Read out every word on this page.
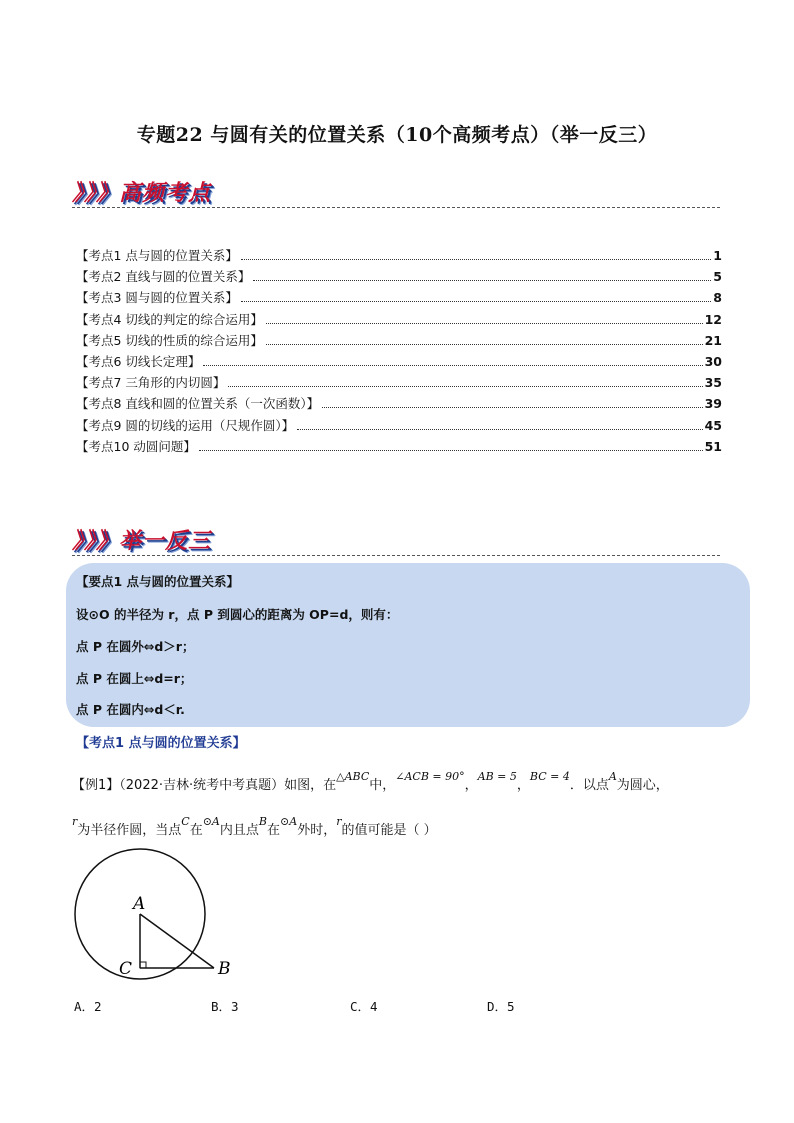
专题22 与圆有关的位置关系（10个高频考点）（举一反三）
》》》高频考点
【考点1 点与圆的位置关系】	1
【考点2 直线与圆的位置关系】	5
【考点3 圆与圆的位置关系】	8
【考点4 切线的判定的综合运用】	12
【考点5 切线的性质的综合运用】	21
【考点6 切线长定理】	30
【考点7 三角形的内切圆】	35
【考点8 直线和圆的位置关系（一次函数）】	39
【考点9 圆的切线的运用（尺规作圆）】	45
【考点10 动圆问题】	51
》》》举一反三
【要点1 点与圆的位置关系】
设⊙O 的半径为 r，点 P 到圆心的距离为 OP=d，则有：
点 P 在圆外⇔d＞r；
点 P 在圆上⇔d=r；
点 P 在圆内⇔d＜r.
【考点1 点与圆的位置关系】
【例1】（2022·吉林·统考中考真题）如图，在$^{\triangle ABC}$中，$^{\angle ACB = 90^\circ}$，$^{AB = 5}$，$^{BC = 4}$．以点$^A$为圆心，
$^r$为半径作圆，当点$^C$在$^{⊙A}$内且点$^B$在$^{⊙A}$外时，$^r$的值可能是（ ）
A
C	B
A．2	B．3	C．4	D．5
